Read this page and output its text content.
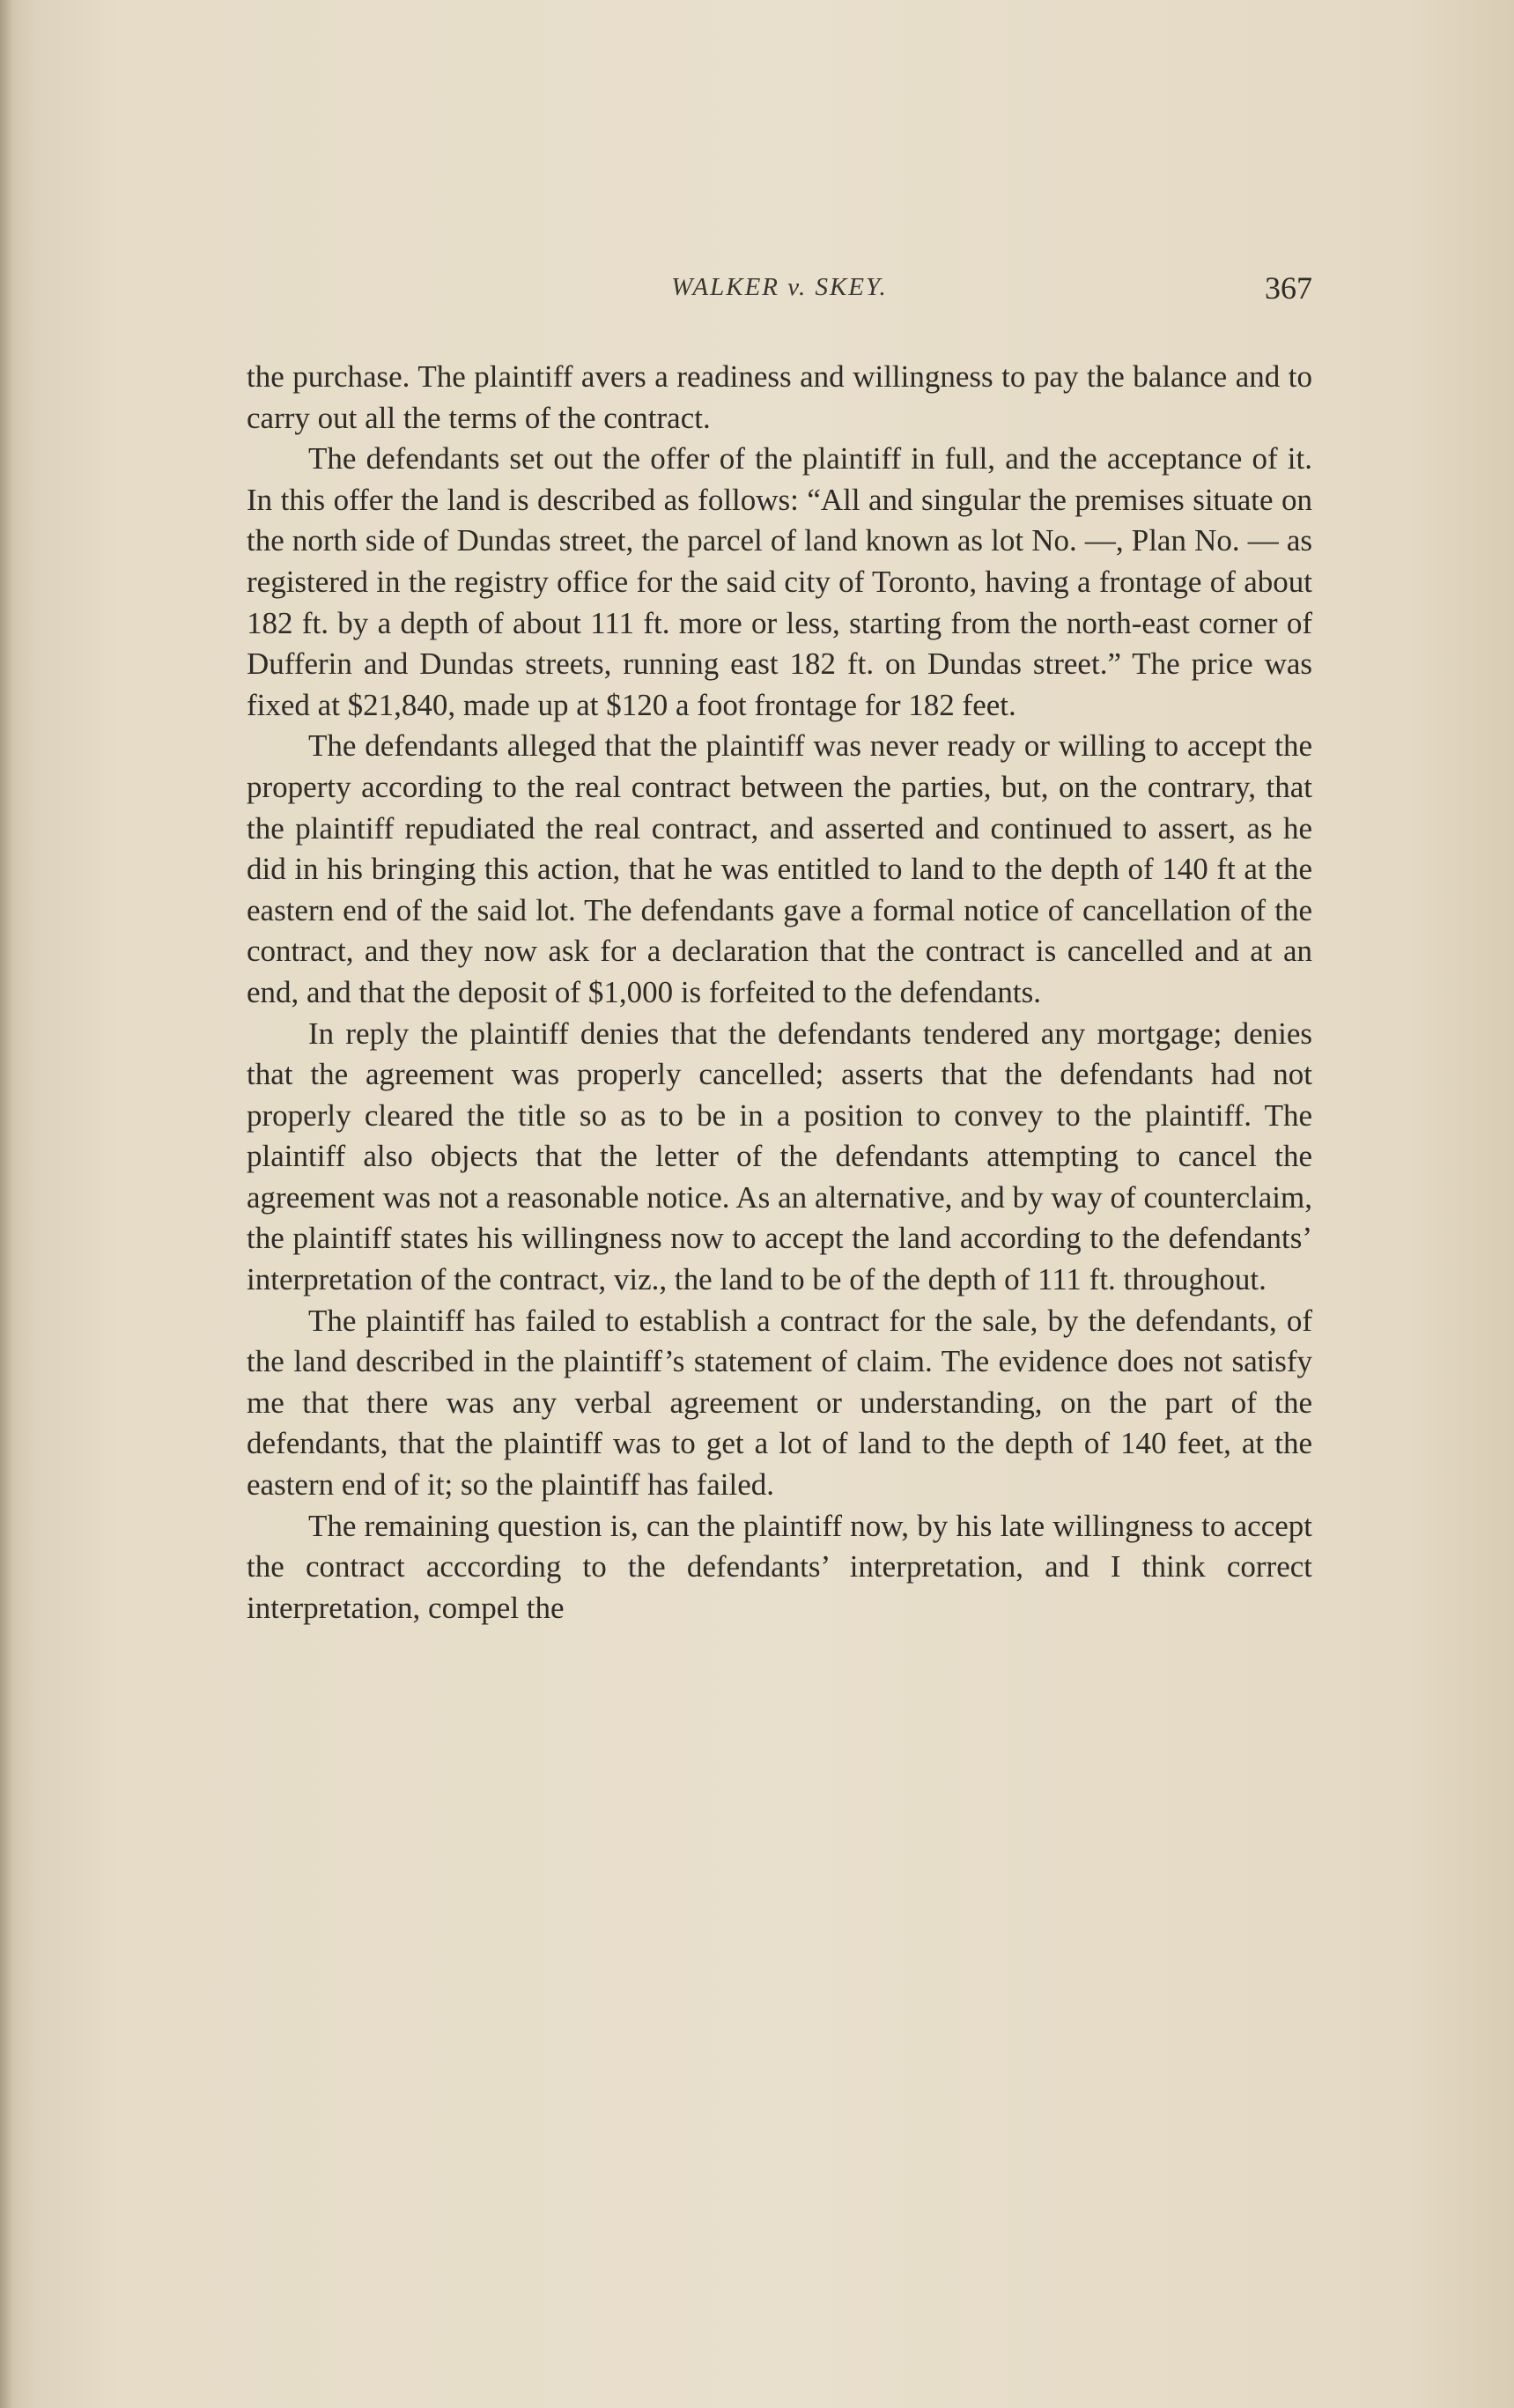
WALKER v. SKEY.	367

the purchase. The plaintiff avers a readiness and willingness to pay the balance and to carry out all the terms of the contract.

The defendants set out the offer of the plaintiff in full, and the acceptance of it. In this offer the land is described as follows: “All and singular the premises situate on the north side of Dundas street, the parcel of land known as lot No. —, Plan No. — as registered in the registry office for the said city of Toronto, having a frontage of about 182 ft. by a depth of about 111 ft. more or less, starting from the north-east corner of Dufferin and Dundas streets, running east 182 ft. on Dundas street.” The price was fixed at $21,840, made up at $120 a foot frontage for 182 feet.

The defendants alleged that the plaintiff was never ready or willing to accept the property according to the real contract between the parties, but, on the contrary, that the plaintiff repudiated the real contract, and asserted and continued to assert, as he did in his bringing this action, that he was entitled to land to the depth of 140 ft at the eastern end of the said lot. The defendants gave a formal notice of cancellation of the contract, and they now ask for a declaration that the contract is cancelled and at an end, and that the deposit of $1,000 is forfeited to the defendants.

In reply the plaintiff denies that the defendants tendered any mortgage; denies that the agreement was properly cancelled; asserts that the defendants had not properly cleared the title so as to be in a position to convey to the plaintiff. The plaintiff also objects that the letter of the defendants attempting to cancel the agreement was not a reasonable notice. As an alternative, and by way of counterclaim, the plaintiff states his willingness now to accept the land according to the defendants’ interpretation of the contract, viz., the land to be of the depth of 111 ft. throughout.

The plaintiff has failed to establish a contract for the sale, by the defendants, of the land described in the plaintiff’s statement of claim. The evidence does not satisfy me that there was any verbal agreement or understanding, on the part of the defendants, that the plaintiff was to get a lot of land to the depth of 140 feet, at the eastern end of it; so the plaintiff has failed.

The remaining question is, can the plaintiff now, by his late willingness to accept the contract acccording to the defendants’ interpretation, and I think correct interpretation, compel the
